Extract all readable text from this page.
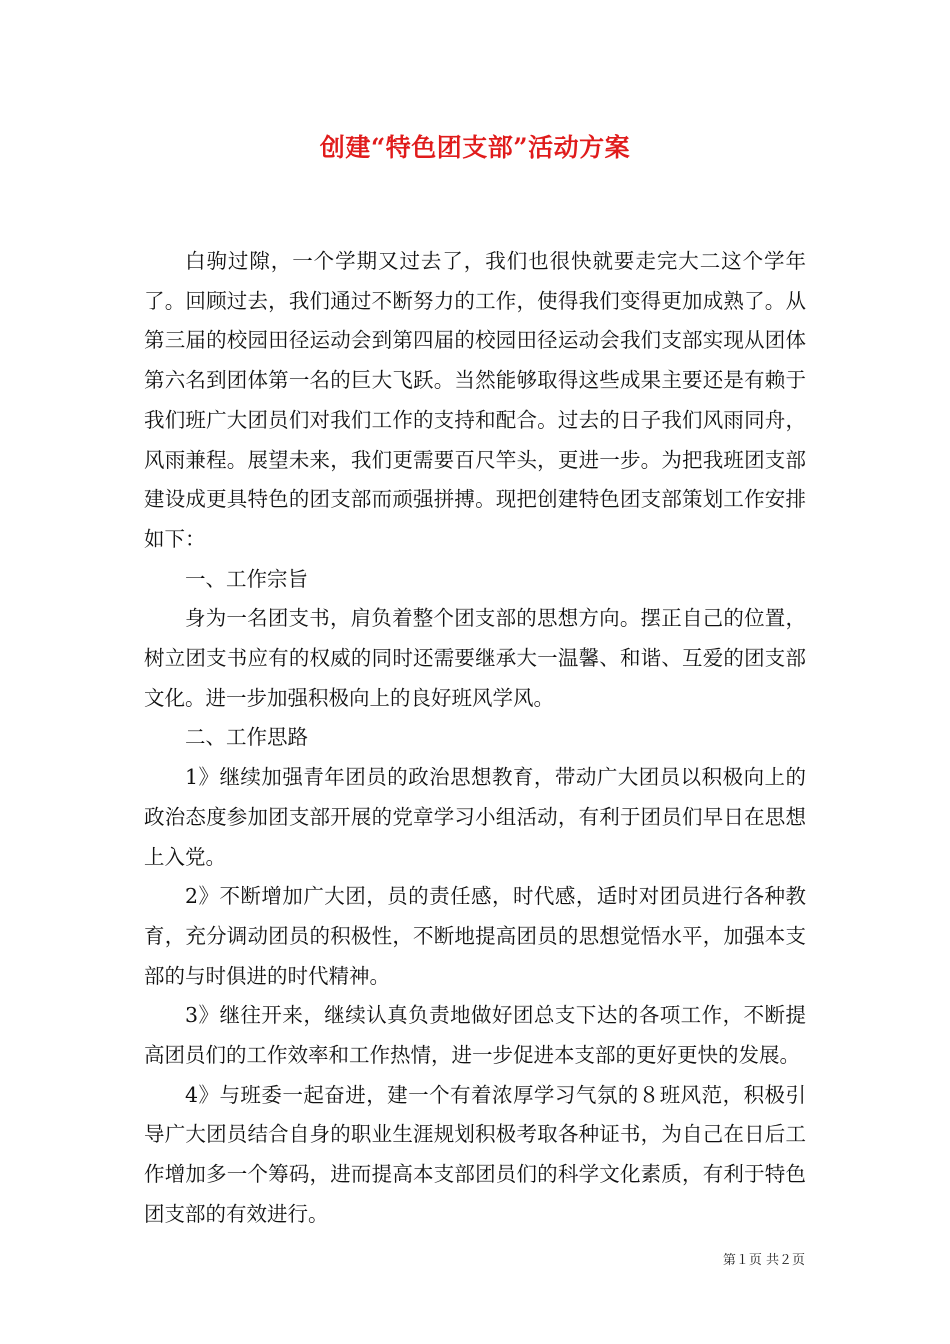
创建“特色团支部”活动方案

白驹过隙，一个学期又过去了，我们也很快就要走完大二这个学年了。回顾过去，我们通过不断努力的工作，使得我们变得更加成熟了。从第三届的校园田径运动会到第四届的校园田径运动会我们支部实现从团体第六名到团体第一名的巨大飞跃。当然能够取得这些成果主要还是有赖于我们班广大团员们对我们工作的支持和配合。过去的日子我们风雨同舟，风雨兼程。展望未来，我们更需要百尺竿头，更进一步。为把我班团支部建设成更具特色的团支部而顽强拼搏。现把创建特色团支部策划工作安排如下：

一、工作宗旨

身为一名团支书，肩负着整个团支部的思想方向。摆正自己的位置，树立团支书应有的权威的同时还需要继承大一温馨、和谐、互爱的团支部文化。进一步加强积极向上的良好班风学风。

二、工作思路

1》继续加强青年团员的政治思想教育，带动广大团员以积极向上的政治态度参加团支部开展的党章学习小组活动，有利于团员们早日在思想上入党。

2》不断增加广大团，员的责任感，时代感，适时对团员进行各种教育，充分调动团员的积极性，不断地提高团员的思想觉悟水平，加强本支部的与时俱进的时代精神。

3》继往开来，继续认真负责地做好团总支下达的各项工作，不断提高团员们的工作效率和工作热情，进一步促进本支部的更好更快的发展。

4》与班委一起奋进，建一个有着浓厚学习气氛的８班风范，积极引导广大团员结合自身的职业生涯规划积极考取各种证书，为自己在日后工作增加多一个筹码，进而提高本支部团员们的科学文化素质，有利于特色团支部的有效进行。

第１页 共２页
